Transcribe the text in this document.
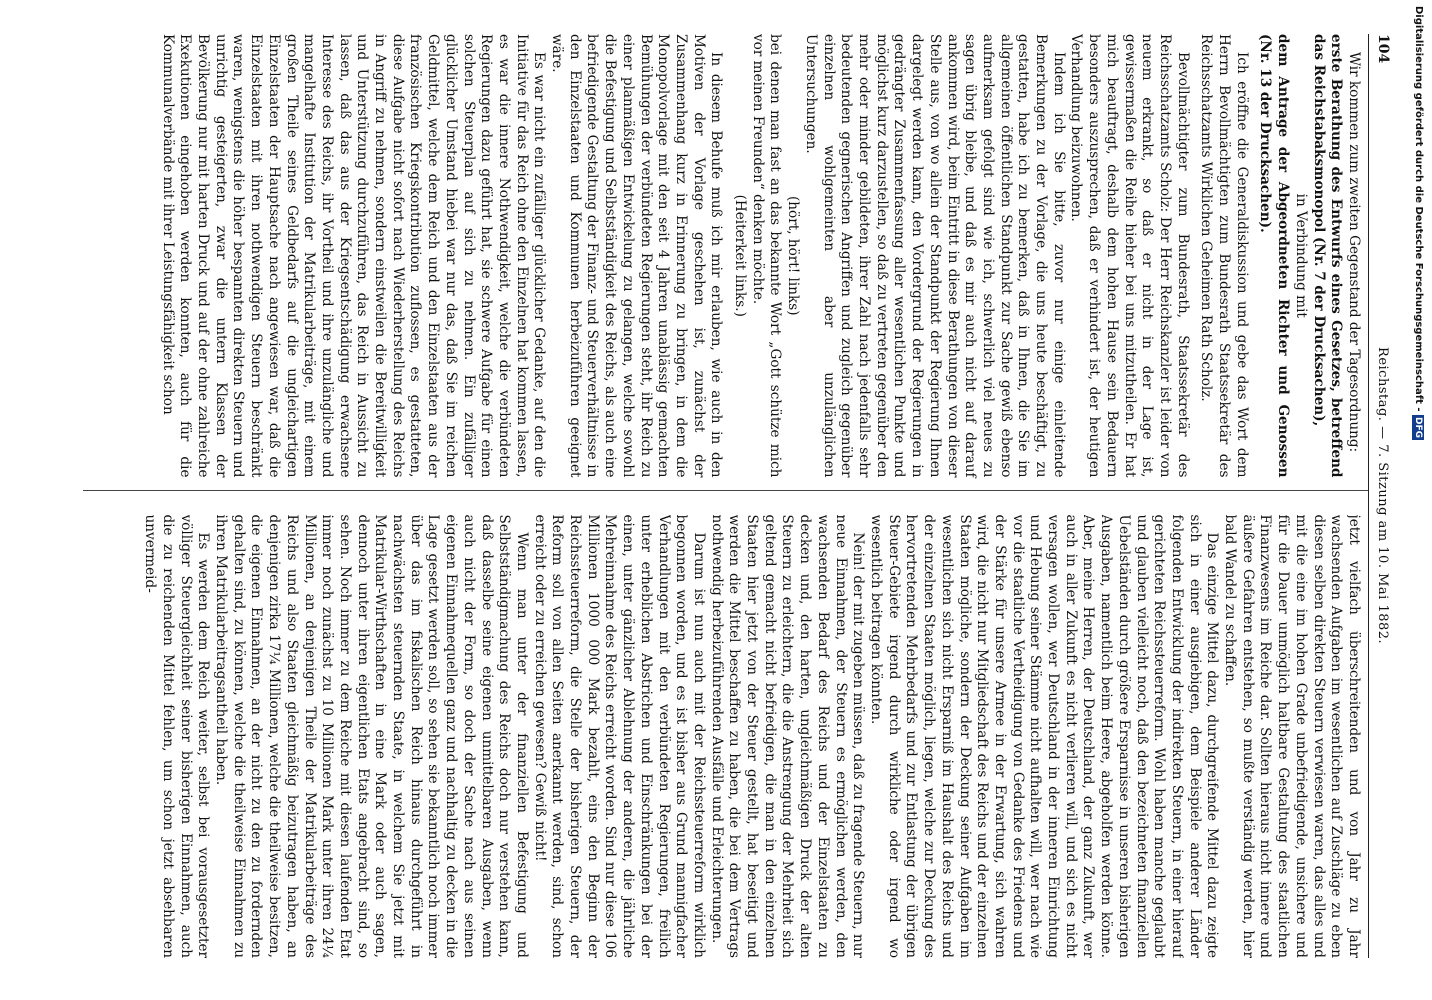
104
Reichstag. — 7. Sitzung am 10. Mai 1882.

Wir kommen zum zweiten Gegenstand der Tagesordnung:

erste Berathung des Entwurfs eines Gesetzes, betreffend das Reichstabaksmonopol (Nr. 7 der Drucksachen),

in Verbindung mit

dem Antrage der Abgeordneten Richter und Genossen (Nr. 13 der Drucksachen).

Ich eröffne die Generaldiskussion und gebe das Wort dem Herrn Bevollmächtigten zum Bundesrath Staatssekretär des Reichsschatzamts Wirklichen Geheimen Rath Scholz.

Bevollmächtigter zum Bundesrath, Staatssekretär des Reichsschatzamts Scholz: Der Herr Reichskanzler ist leider von neuem erkrankt, so daß er nicht in der Lage ist, gewissermaßen die Reihe hieher bei uns mitzutheilen. Er hat mich beauftragt, deshalb dem hohen Hause sein Bedauern besonders auszusprechen, daß er verhindert ist, der heutigen Verhandlung beizuwohnen.

Indem ich Sie bitte, zuvor nur einige einleitende Bemerkungen zu der Vorlage, die uns heute beschäftigt, zu gestatten, habe ich zu bemerken, daß in Ihnen, die Sie im allgemeinen öffentlichen Standpunkt zur Sache gewiß ebenso aufmerksam gefolgt sind wie ich, schwerlich viel neues zu sagen übrig bleibe, und daß es mir auch nicht auf darauf ankommen wird, beim Eintritt in diese Berathungen von dieser Stelle aus, von wo allein der Standpunkt der Regierung Ihnen dargelegt werden kann, den Vordergrund der Regierungen in gedrängter Zusammenfassung aller wesentlichen Punkte und möglichst kurz darzustellen, so daß zu vertreten gegenüber den mehr oder minder gebildeten, ihrer Zahl nach jedenfalls sehr bedeutenden gegnerischen Angriffen und zugleich gegenüber einzelnen wohlgemeinten aber unzulänglichen Untersuchungen.

(hört, hört! links)

bei denen man fast an das bekannte Wort „Gott schütze mich vor meinen Freunden“ denken möchte.

(Heiterkeit links.)

In diesem Behufe muß ich mir erlauben, wie auch in den Motiven der Vorlage geschehen ist, zunächst der Zusammenhang kurz in Erinnerung zu bringen, in dem die Monopolvorlage mit den seit 4 Jahren unablässig gemachten Bemühungen der verbündeten Regierungen steht, ihr Reich zu einer planmäßigen Entwickelung zu gelangen, welche sowohl die Befestigung und Selbstständigkeit des Reichs, als auch eine befriedigende Gestaltung der Finanz- und Steuerverhältnisse in den Einzelstaaten und Kommunen herbeizuführen geeignet wäre.

Es war nicht ein zufälliger glücklicher Gedanke, auf den die Initiative für das Reich ohne den Einzelnen hat kommen lassen, es war die innere Nothwendigkeit, welche die verbündeten Regierungen dazu geführt hat, sie schwere Aufgabe für einen solchen Steuerplan auf sich zu nehmen. Ein zufälliger glücklicher Umstand hiebei war nur das, daß Sie im reichen Geldmittel, welche dem Reich und den Einzelstaaten aus der französischen Kriegskontribution zuflossen, es gestatteten, diese Aufgabe nicht sofort nach Wiederherstellung des Reichs in Angriff zu nehmen, sondern einstweilen die Bereitwilligkeit und Unterstützung durchzuführen, das Reich in Aussicht zu lassen, daß das aus der Kriegsentschädigung erwachsene Interesse des Reichs, ihr Vortheil und ihre unzulängliche und mangelhafte Institution der Matrikularbeiträge, mit einem großen Theile seines Geldbedarfs auf die ungleichartigen Einzelstaaten der Hauptsache nach angewiesen war, daß die Einzelstaaten mit ihren nothwendigen Steuern beschränkt waren, wenigstens die höher bespannten direkten Steuern und unrichtig gesteigerten, zwar die untern Klassen der Bevölkerung nur mit harten Druck und auf der ohne zahlreiche Exekutionen eingehoben werden konnten, auch für die Kommunalverbände mit ihrer Leistungsfähigkeit schon

jetzt vielfach überschreitenden und von Jahr zu Jahr wachsenden Aufgaben im wesentlichen auf Zuschläge zu eben diesen selben direkten Steuern verwiesen waren, das alles und mit die eine im hohen Grade unbefriedigende, unsichere und für die Dauer unmöglich haltbare Gestaltung des staatlichen Finanzwesens im Reiche dar. Sollten hieraus nicht innere und äußere Gefahren entstehen, so mußte verständig werden, hier bald Wandel zu schaffen.

Das einzige Mittel dazu, durchgreifende Mittel dazu zeigte sich in einer ausgiebigen, dem Beispiele anderer Länder folgenden Entwicklung der indirekten Steuern, in einer hierauf gerichteten Reichssteuerreform. Wohl haben manche geglaubt und glauben vielleicht noch, daß den bezeichneten finanziellen Uebelständen durch größere Ersparnisse in unseren bisherigen Ausgaben, namentlich beim Heere, abgeholfen werden könne. Aber, meine Herren, der Deutschland, der ganz Zukunft, wer auch in aller Zukunft es nicht verlieren will, und sich es nicht versagen wollen, wer Deutschland in der inneren Einrichtung und Hebung seiner Stämme nicht aufhalten will, wer nach wie vor die staatliche Vertheidigung von Gedanke des Friedens und der Stärke für unsere Armee in der Erwartung, sich wahren wird, die nicht nur Mitgliedschaft des Reichs und der einzelnen Staaten mögliche, sondern der Deckung seiner Aufgaben im wesentlichen sich nicht Ersparniß im Haushalt des Reichs und der einzelnen Staaten möglich, liegen, welche zur Deckung des hervortretenden Mehrbedarfs und zur Entlastung der übrigen Steuer-Gebiete irgend durch wirkliche oder irgend wo wesentlich beitragen könnten.

Nein! der mit zugeben müssen, daß zu fragende Steuern, nur neue Einnahmen, der Steuern es ermöglichen werden, den wachsenden Bedarf des Reichs und der Einzelstaaten zu decken und, den harten, ungleichmäßigen Druck der alten Steuern zu erleichtern, die die Anstrengung der Mehrheit sich geltend gemacht nicht befriedigen, die man in den einzelnen Staaten hier jetzt von der Steuer gestellt, hat beseitigt und werden die Mittel beschaffen zu haben, die bei dem Vertrags nothwendig herbeizuführenden Ausfälle und Erleichterungen.

Darum ist nun auch mit der Reichssteuerreform wirklich begonnen worden, und es ist bisher aus Grund mannigfacher Verhandlungen mit den verbündeten Regierungen, freilich unter erheblichen Abstrichen und Einschränkungen bei der einen, unter gänzlicher Ablehnung der anderen, die jährliche Mehreinnahme des Reichs erreicht worden. Sind nur diese 106 Millionen 1000 000 Mark bezahlt, eins den Beginn der Reichssteuerreform, die Stelle der bisherigen Steuern, der Reform soll von allen Seiten anerkannt werden, sind, schon erreicht oder zu erreichen gewesen? Gewiß nicht!

Wenn man unter der finanziellen Befestigung und Selbstständigmachung des Reichs doch nur verstehen kann, daß dasselbe seine eigenen unmittelbaren Ausgaben, wenn auch nicht der Form, so doch der Sache nach aus seinen eigenen Einnahmequellen ganz und nachhaltig zu decken in die Lage gesetzt werden soll, so sehen sie bekanntlich noch immer über das im fiskalischen Reich hinaus durchgeführt in nachwächsten steuernden Staate, in welchem Sie jetzt mit Matrikular-Wirthschaften in eine Mark oder auch sagen, dennoch unter ihren eigentlichen Etats angebracht sind, so sehen. Noch immer zu dem Reiche mit diesen laufenden Etat immer noch zunächst zu 10 Millionen Mark unter ihren 24¼ Millionen, an denjenigen Theile der Matrikularbeiträge des Reichs und also Staaten gleichmäßig beizutragen haben, an denjenigen zirka 17¼ Millionen, welche die theilweise besitzen, die eigenen Einnahmen, an der nicht zu den zu fordernden gehalten sind, zu können, welche die theilweise Einnahmen zu ihren Matrikularbeitragsantheil haben.

Es werden dem Reich weiter, selbst bei vorausgesetzter völliger Steuergleichheit seiner bisherigen Einnahmen, auch die zu reichenden Mittel fehlen, um schon jetzt absehbaren unvermeid-

Digitalisierung gefördert durch die Deutsche Forschungsgemeinschaft - DFG
